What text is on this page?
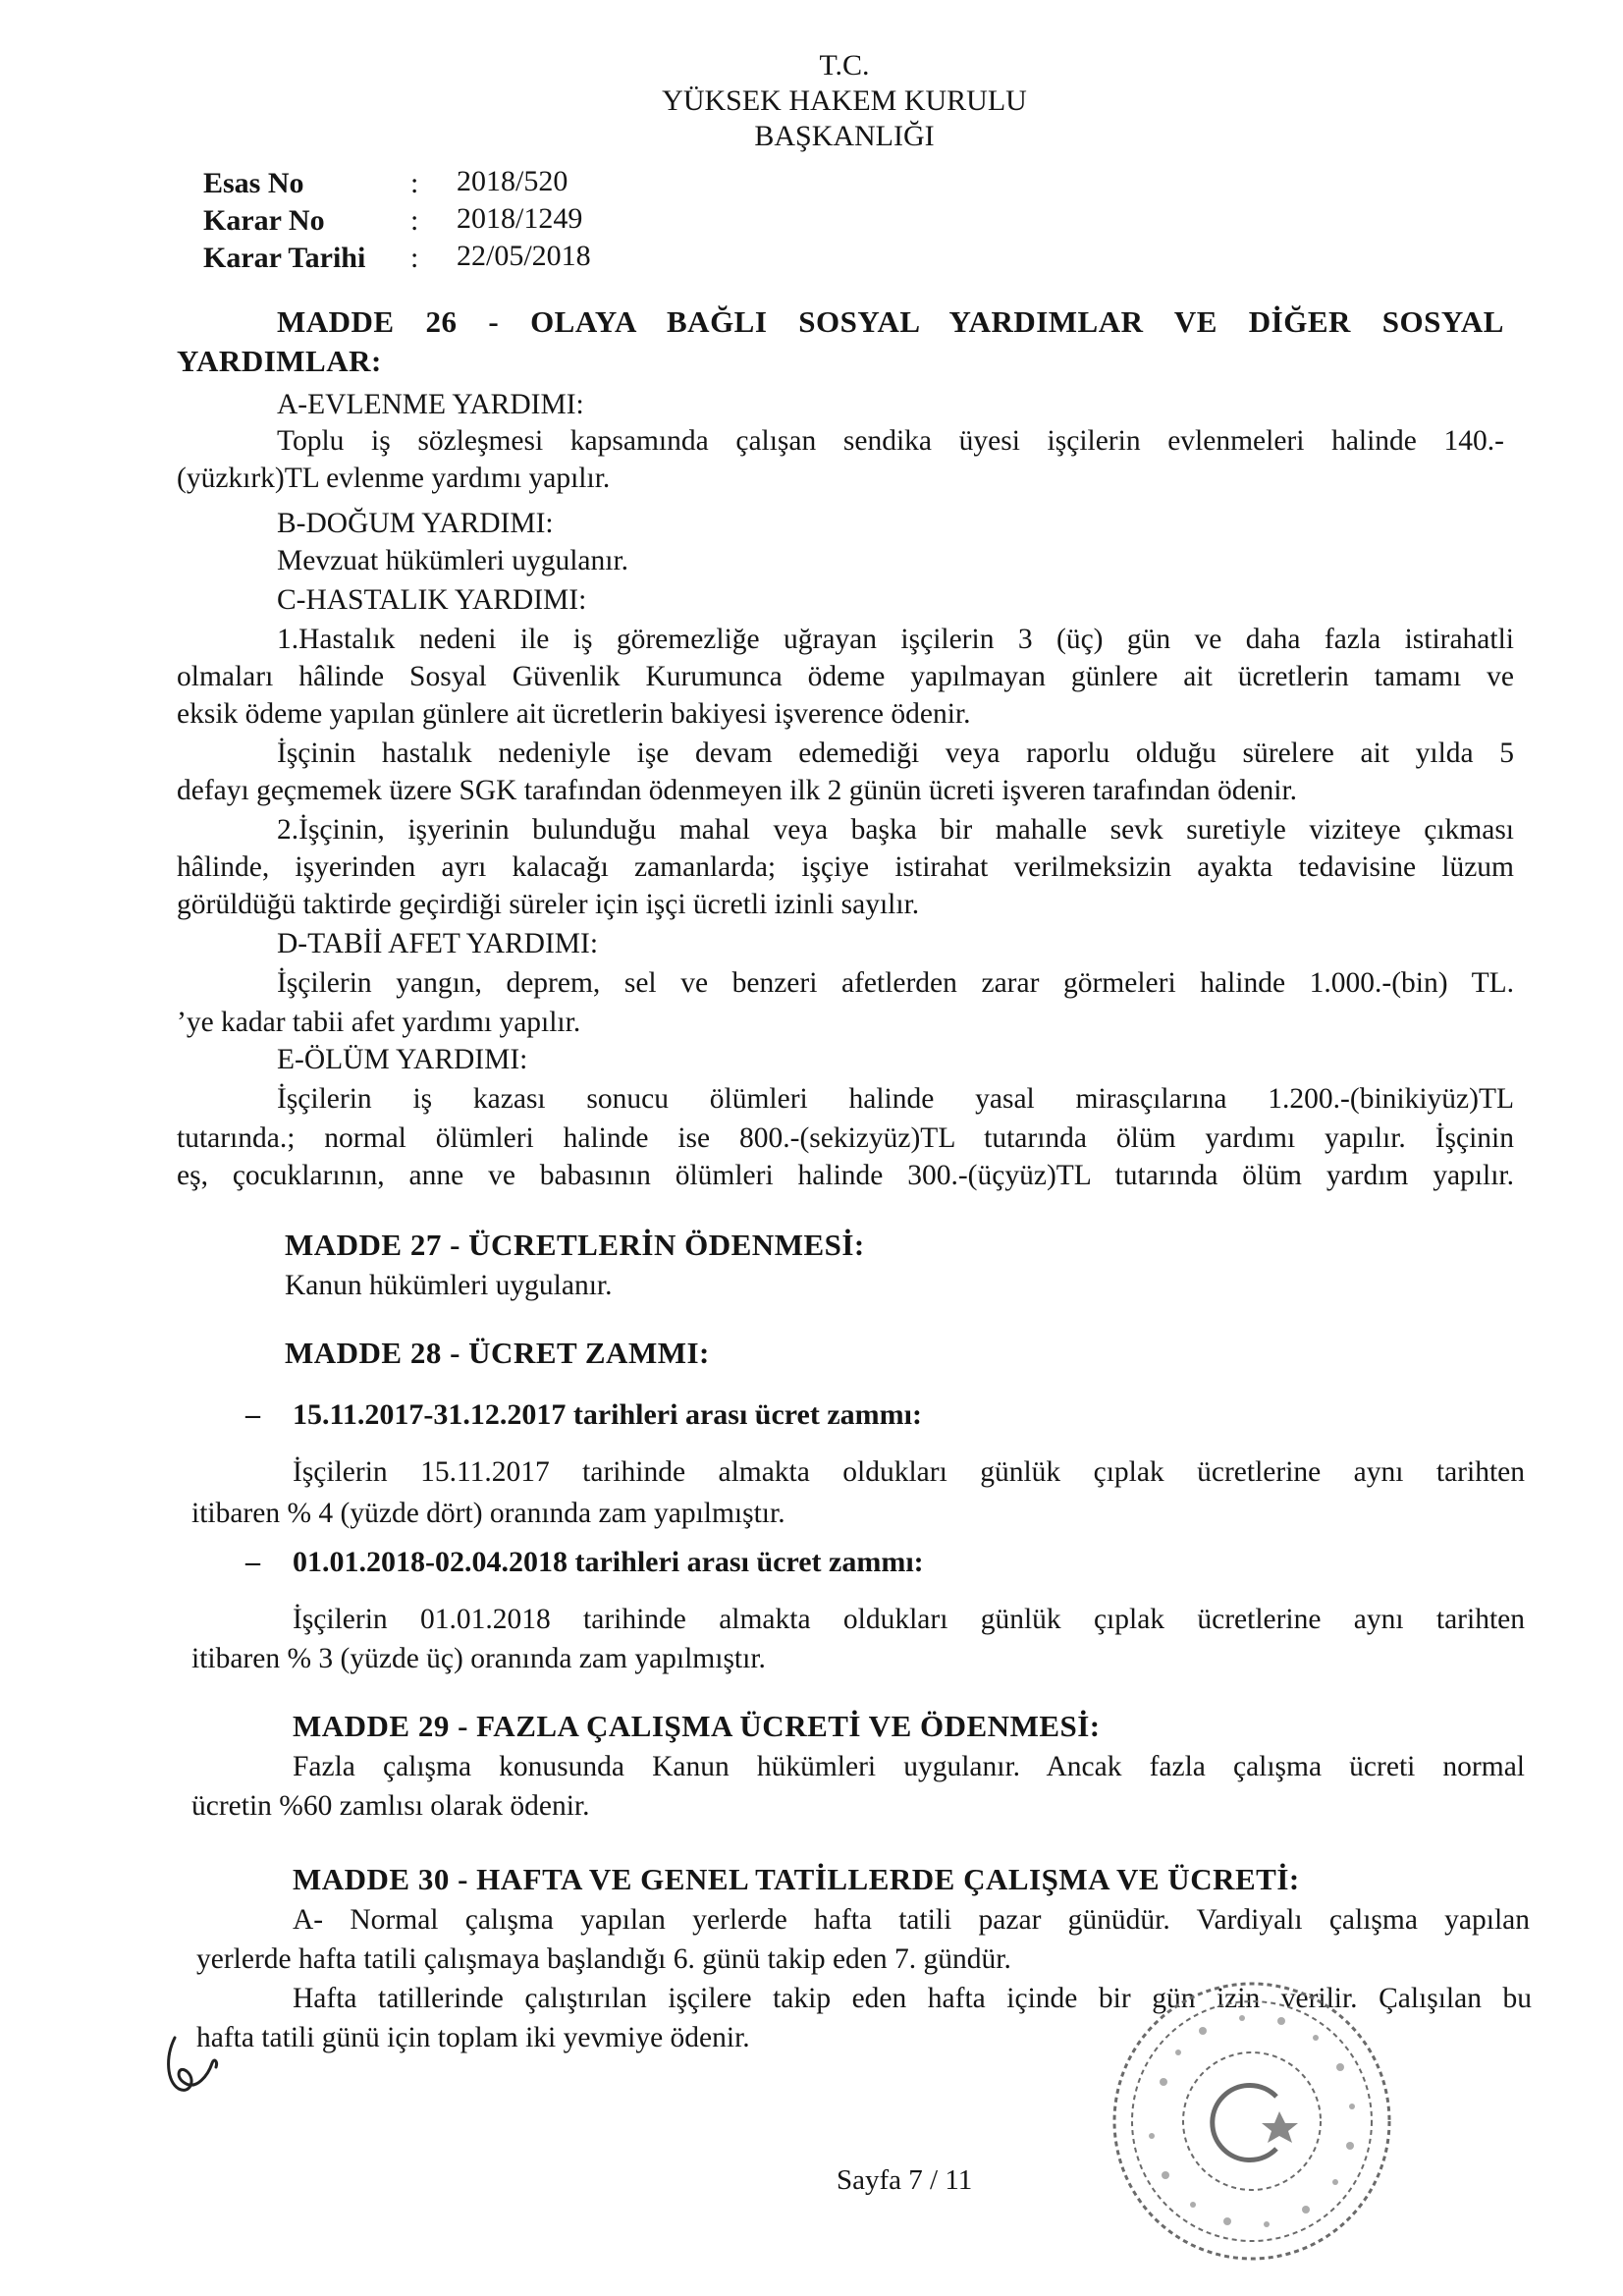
T.C.
YÜKSEK HAKEM KURULU
BAŞKANLIĞI
Esas No	: 2018/520
Karar No	: 2018/1249
Karar Tarihi : 22/05/2018
MADDE 26 - OLAYA BAĞLI SOSYAL YARDIMLAR VE DİĞER SOSYAL
YARDIMLAR:
A-EVLENME YARDIMI:
Toplu iş sözleşmesi kapsamında çalışan sendika üyesi işçilerin evlenmeleri halinde 140.-
(yüzkırk)TL evlenme yardımı yapılır.
B-DOĞUM YARDIMI:
Mevzuat hükümleri uygulanır.
C-HASTALIK YARDIMI:
1.Hastalık nedeni ile iş göremezliğe uğrayan işçilerin 3 (üç) gün ve daha fazla istirahatli
olmaları hâlinde Sosyal Güvenlik Kurumunca ödeme yapılmayan günlere ait ücretlerin tamamı ve
eksik ödeme yapılan günlere ait ücretlerin bakiyesi işverence ödenir.
İşçinin hastalık nedeniyle işe devam edemediği veya raporlu olduğu sürelere ait yılda 5
defayı geçmemek üzere SGK tarafından ödenmeyen ilk 2 günün ücreti işveren tarafından ödenir.
2.İşçinin, işyerinin bulunduğu mahal veya başka bir mahalle sevk suretiyle viziteye çıkması
hâlinde, işyerinden ayrı kalacağı zamanlarda; işçiye istirahat verilmeksizin ayakta tedavisine lüzum
görüldüğü taktirde geçirdiği süreler için işçi ücretli izinli sayılır.
D-TABİİ AFET YARDIMI:
İşçilerin yangın, deprem, sel ve benzeri afetlerden zarar görmeleri halinde 1.000.-(bin) TL.
’ye kadar tabii afet yardımı yapılır.
E-ÖLÜM YARDIMI:
İşçilerin iş kazası sonucu ölümleri halinde yasal mirasçılarına 1.200.-(binikiyüz)TL
tutarında.; normal ölümleri halinde ise 800.-(sekizyüz)TL tutarında ölüm yardımı yapılır. İşçinin
eş, çocuklarının, anne ve babasının ölümleri halinde 300.-(üçyüz)TL tutarında ölüm yardım yapılır.
MADDE 27 - ÜCRETLERİN ÖDENMESİ:
Kanun hükümleri uygulanır.
MADDE 28 - ÜCRET ZAMMI:
– 15.11.2017-31.12.2017 tarihleri arası ücret zammı:
İşçilerin 15.11.2017 tarihinde almakta oldukları günlük çıplak ücretlerine aynı tarihten
itibaren % 4 (yüzde dört) oranında zam yapılmıştır.
– 01.01.2018-02.04.2018 tarihleri arası ücret zammı:
İşçilerin 01.01.2018 tarihinde almakta oldukları günlük çıplak ücretlerine aynı tarihten
itibaren % 3 (yüzde üç) oranında zam yapılmıştır.
MADDE 29 - FAZLA ÇALIŞMA ÜCRETİ VE ÖDENMESİ:
Fazla çalışma konusunda Kanun hükümleri uygulanır. Ancak fazla çalışma ücreti normal
ücretin %60 zamlısı olarak ödenir.
MADDE 30 - HAFTA VE GENEL TATİLLERDE ÇALIŞMA VE ÜCRETİ:
A- Normal çalışma yapılan yerlerde hafta tatili pazar günüdür. Vardiyalı çalışma yapılan
yerlerde hafta tatili çalışmaya başlandığı 6. günü takip eden 7. gündür.
Hafta tatillerinde çalıştırılan işçilere takip eden hafta içinde bir gün izin verilir. Çalışılan bu
hafta tatili günü için toplam iki yevmiye ödenir.
Sayfa 7 / 11
